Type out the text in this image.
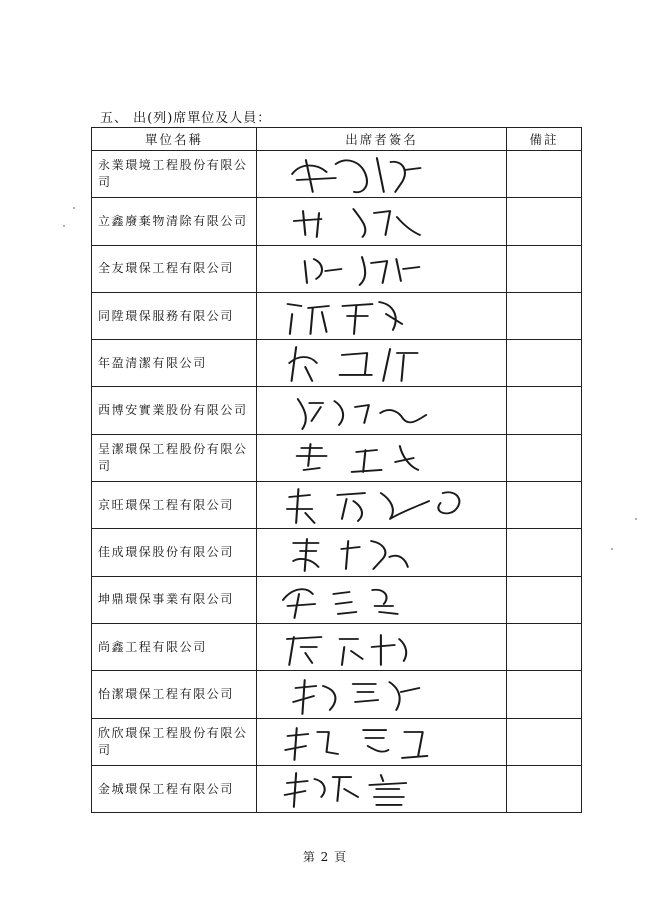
五、 出(列)席單位及人員：
單位名稱	出席者簽名	備註
永業環境工程股份有限公司	

立鑫廢棄物清除有限公司	

全友環保工程有限公司	

同陞環保服務有限公司	

年盈清潔有限公司	

西博安實業股份有限公司	

呈潔環保工程股份有限公司	

京旺環保工程有限公司	

佳成環保股份有限公司	

坤鼎環保事業有限公司	

尚鑫工程有限公司	

怡潔環保工程有限公司	

欣欣環保工程股份有限公司	

金城環保工程有限公司	

第 2 頁
